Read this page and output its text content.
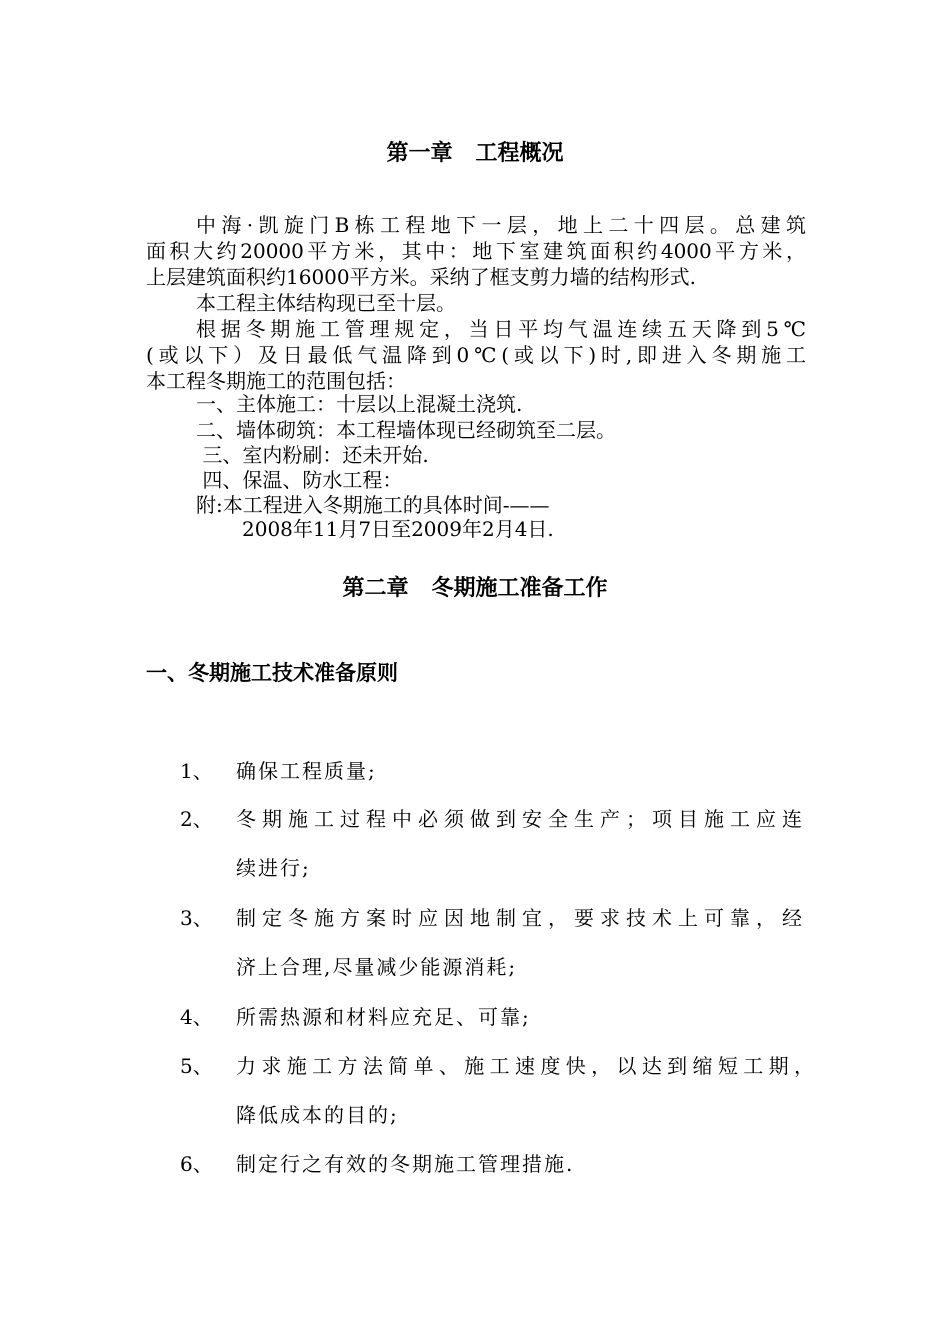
第一章   工程概况
中海·凯旋门B栋工程地下一层，地上二十四层。总建筑
面积大约20000平方米，其中：地下室建筑面积约4000平方米，
上层建筑面积约16000平方米。采纳了框支剪力墙的结构形式.
本工程主体结构现已至十层。
根据冬期施工管理规定，当日平均气温连续五天降到5℃
(或以下）及日最低气温降到0℃(或以下)时,即进入冬期施工
本工程冬期施工的范围包括：
一、主体施工：十层以上混凝土浇筑.
二、墙体砌筑：本工程墙体现已经砌筑至二层。
三、室内粉刷：还未开始.
四、保温、防水工程：
附:本工程进入冬期施工的具体时间-——
2008年11月7日至2009年2月4日.
第二章   冬期施工准备工作
一、冬期施工技术准备原则
1、 确保工程质量;
2、 冬期施工过程中必须做到安全生产；项目施工应连
续进行;
3、 制定冬施方案时应因地制宜，要求技术上可靠，经
济上合理,尽量减少能源消耗;
4、 所需热源和材料应充足、可靠;
5、 力求施工方法简单、施工速度快，以达到缩短工期，
降低成本的目的;
6、 制定行之有效的冬期施工管理措施.
